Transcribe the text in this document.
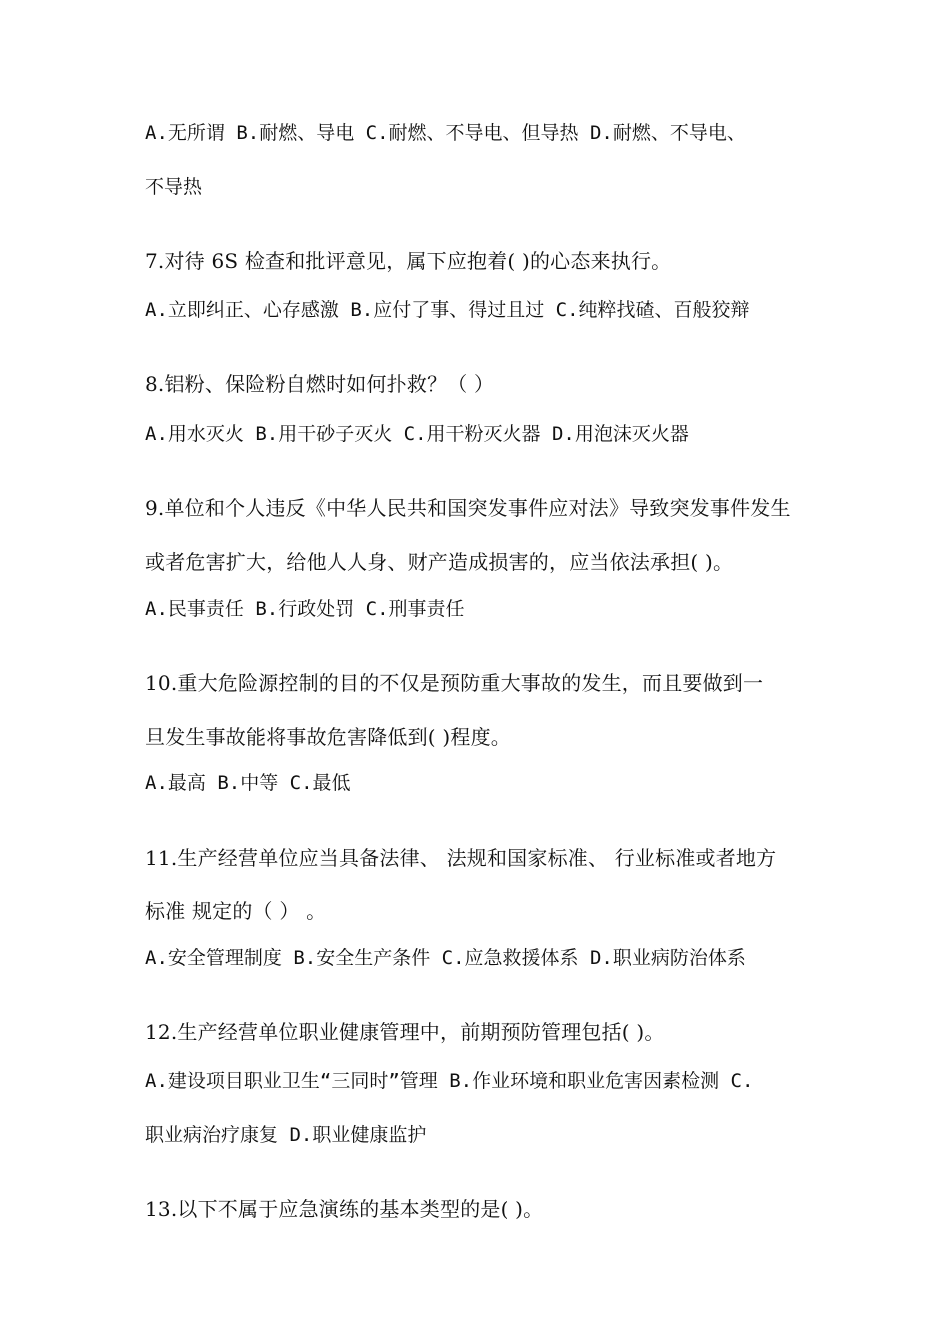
A.无所谓 B.耐燃、导电 C.耐燃、不导电、但导热 D.耐燃、不导电、
不导热
7.对待 6S 检查和批评意见，属下应抱着( )的心态来执行。
A.立即纠正、心存感激 B.应付了事、得过且过 C.纯粹找碴、百般狡辩
8.铝粉、保险粉自燃时如何扑救？（ ）
A.用水灭火 B.用干砂子灭火 C.用干粉灭火器 D.用泡沫灭火器
9.单位和个人违反《中华人民共和国突发事件应对法》导致突发事件发生
或者危害扩大，给他人人身、财产造成损害的，应当依法承担( )。
A.民事责任 B.行政处罚 C.刑事责任
10.重大危险源控制的目的不仅是预防重大事故的发生，而且要做到一
旦发生事故能将事故危害降低到( )程度。
A.最高 B.中等 C.最低
11.生产经营单位应当具备法律、 法规和国家标准、 行业标准或者地方
标准 规定的（ ） 。
A.安全管理制度 B.安全生产条件 C.应急救援体系 D.职业病防治体系
12.生产经营单位职业健康管理中，前期预防管理包括( )。
A.建设项目职业卫生“三同时”管理 B.作业环境和职业危害因素检测 C.
职业病治疗康复 D.职业健康监护
13.以下不属于应急演练的基本类型的是( )。
